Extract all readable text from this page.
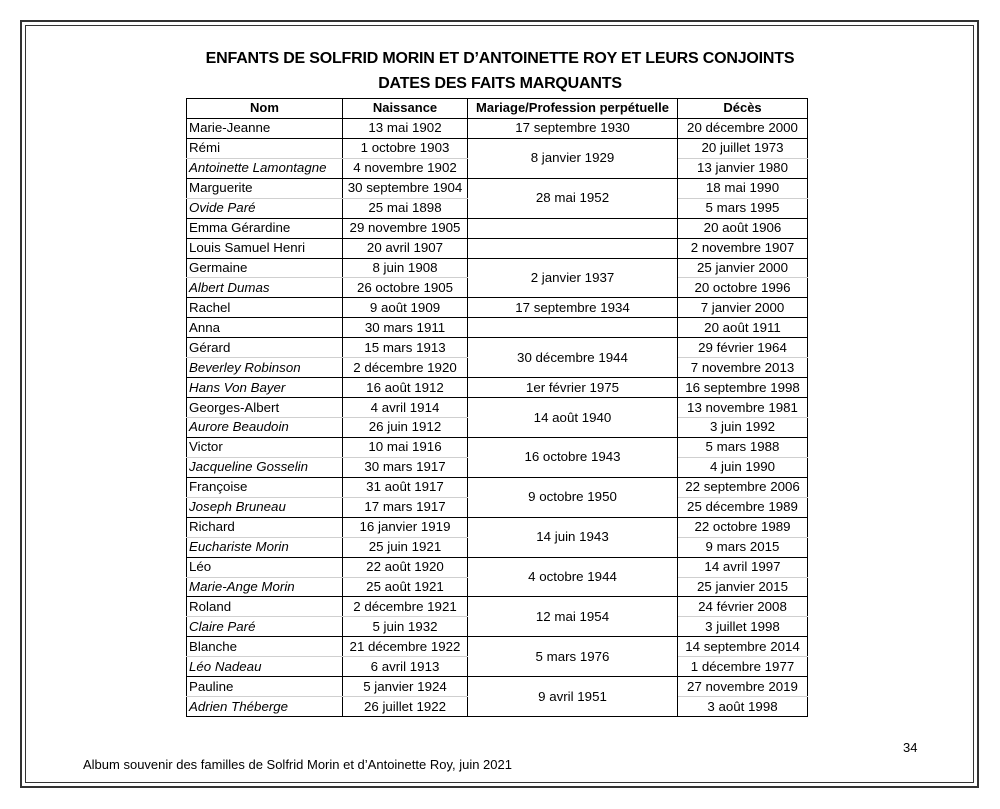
ENFANTS DE SOLFRID MORIN ET D’ANTOINETTE ROY ET LEURS CONJOINTS
DATES DES FAITS MARQUANTS
Nom	Naissance	Mariage/Profession perpétuelle	Décès
Marie-Jeanne	13 mai 1902	17 septembre 1930	20 décembre 2000
Rémi	1 octobre 1903	8 janvier 1929	20 juillet 1973
Antoinette Lamontagne	4 novembre 1902		13 janvier 1980
Marguerite	30 septembre 1904	28 mai 1952	18 mai 1990
Ovide Paré	25 mai 1898		5 mars 1995
Emma Gérardine	29 novembre 1905		20 août 1906
Louis Samuel Henri	20 avril 1907		2 novembre 1907
Germaine	8 juin 1908	2 janvier 1937	25 janvier 2000
Albert Dumas	26 octobre 1905		20 octobre 1996
Rachel	9 août 1909	17 septembre 1934	7 janvier 2000
Anna	30 mars 1911		20 août 1911
Gérard	15 mars 1913	30 décembre 1944	29 février 1964
Beverley Robinson	2 décembre 1920		7 novembre 2013
Hans Von Bayer	16 août 1912	1er février 1975	16 septembre 1998
Georges-Albert	4 avril 1914	14 août 1940	13 novembre 1981
Aurore Beaudoin	26 juin 1912		3 juin 1992
Victor	10 mai 1916	16 octobre 1943	5 mars 1988
Jacqueline Gosselin	30 mars 1917		4 juin 1990
Françoise	31 août 1917	9 octobre 1950	22 septembre 2006
Joseph Bruneau	17 mars 1917		25 décembre 1989
Richard	16 janvier 1919	14 juin 1943	22 octobre 1989
Euchariste Morin	25 juin 1921		9 mars 2015
Léo	22 août 1920	4 octobre 1944	14 avril 1997
Marie-Ange Morin	25 août 1921		25 janvier 2015
Roland	2 décembre 1921	12 mai 1954	24 février 2008
Claire Paré	5 juin 1932		3 juillet 1998
Blanche	21 décembre 1922	5 mars 1976	14 septembre 2014
Léo Nadeau	6 avril 1913		1 décembre 1977
Pauline	5 janvier 1924	9 avril 1951	27 novembre 2019
Adrien Théberge	26 juillet 1922		3 août 1998
34
Album souvenir des familles de Solfrid Morin et d’Antoinette Roy, juin 2021
